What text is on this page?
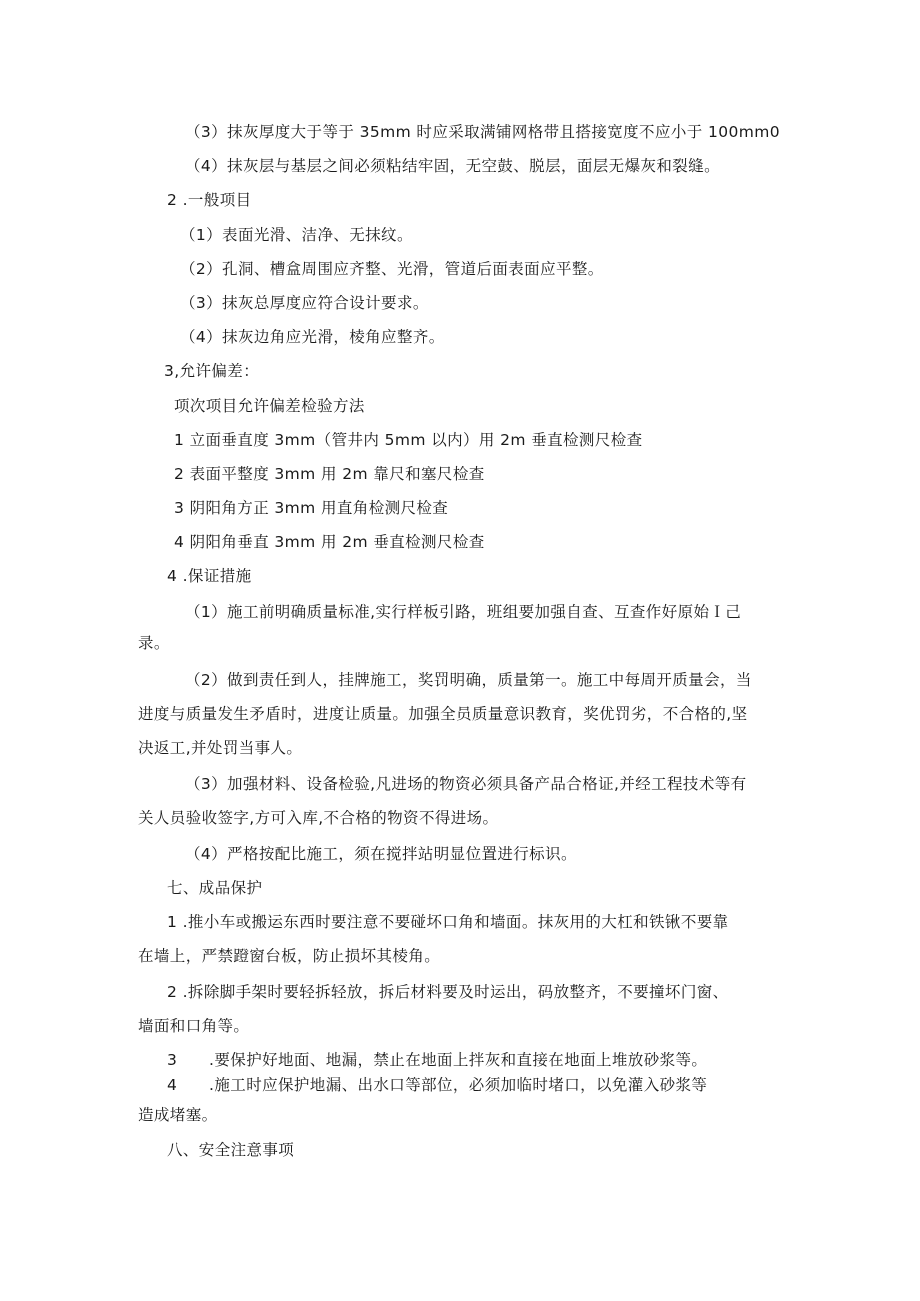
（3）抹灰厚度大于等于 35mm 时应采取满铺网格带且搭接宽度不应小于 100mm0
（4）抹灰层与基层之间必须粘结牢固，无空鼓、脱层，面层无爆灰和裂缝。
2 .一般项目
（1）表面光滑、洁净、无抹纹。
（2）孔洞、槽盒周围应齐整、光滑，管道后面表面应平整。
（3）抹灰总厚度应符合设计要求。
（4）抹灰边角应光滑，棱角应整齐。
3,允许偏差：
项次项目允许偏差检验方法
1 立面垂直度 3mm（管井内 5mm 以内）用 2m 垂直检测尺检查
2 表面平整度 3mm 用 2m 靠尺和塞尺检查
3 阴阳角方正 3mm 用直角检测尺检查
4 阴阳角垂直 3mm 用 2m 垂直检测尺检查
4 .保证措施
（1）施工前明确质量标准,实行样板引路，班组要加强自查、互查作好原始Ｉ己
录。
（2）做到责任到人，挂牌施工，奖罚明确，质量第一。施工中每周开质量会，当
进度与质量发生矛盾时，进度让质量。加强全员质量意识教育，奖优罚劣，不合格的,坚
决返工,并处罚当事人。
（3）加强材料、设备检验,凡进场的物资必须具备产品合格证,并经工程技术等有
关人员验收签字,方可入库,不合格的物资不得进场。
（4）严格按配比施工，须在搅拌站明显位置进行标识。
七、成品保护
1 .推小车或搬运东西时要注意不要碰坏口角和墙面。抹灰用的大杠和铁锹不要靠
在墙上，严禁蹬窗台板，防止损坏其棱角。
2 .拆除脚手架时要轻拆轻放，拆后材料要及时运出，码放整齐，不要撞坏门窗、
墙面和口角等。
3　　.要保护好地面、地漏，禁止在地面上拌灰和直接在地面上堆放砂浆等。
4　　.施工时应保护地漏、出水口等部位，必须加临时堵口，以免灌入砂浆等
造成堵塞。
八、安全注意事项
